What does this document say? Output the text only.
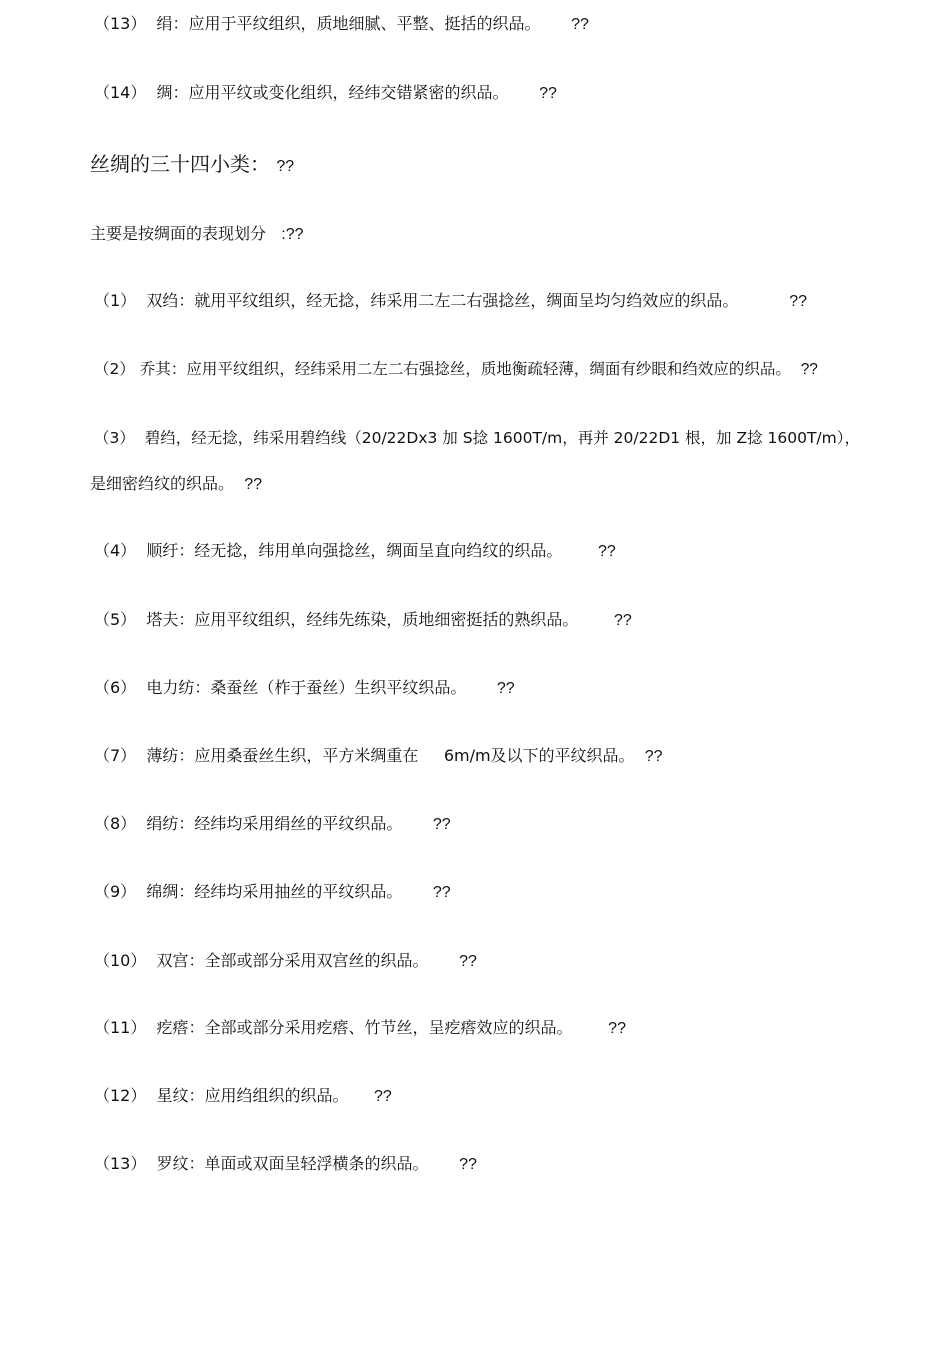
（13） 绢：应用于平纹组织，质地细腻、平整、挺括的织品。 ??
（14） 绸：应用平纹或变化组织，经纬交错紧密的织品。 ??
丝绸的三十四小类： ??
主要是按绸面的表现划分 :??
（1） 双绉：就用平纹组织，经无捻，纬采用二左二右强捻丝，绸面呈均匀绉效应的织品。	??
（2） 乔其：应用平纹组织，经纬采用二左二右强捻丝，质地衡疏轻薄，绸面有纱眼和绉效应的织品。 ??
（3） 碧绉，经无捻，纬采用碧绉线（20/22Dx3 加 S捻 1600T/m，再并 20/22D1 根，加 Z捻 1600T/m），
是细密绉纹的织品。 ??
（4） 顺纡：经无捻，纬用单向强捻丝，绸面呈直向绉纹的织品。 ??
（5） 塔夫：应用平纹组织，经纬先练染，质地细密挺括的熟织品。 ??
（6） 电力纺：桑蚕丝（柞于蚕丝）生织平纹织品。 ??
（7） 薄纺：应用桑蚕丝生织，平方米绸重在 6m/m及以下的平纹织品。 ??
（8） 绢纺：经纬均采用绢丝的平纹织品。 ??
（9） 绵绸：经纬均采用抽丝的平纹织品。 ??
（10） 双宫：全部或部分采用双宫丝的织品。 ??
（11） 疙瘩：全部或部分采用疙瘩、竹节丝，呈疙瘩效应的织品。 ??
（12） 星纹：应用绉组织的织品。 ??
（13） 罗纹：单面或双面呈轻浮横条的织品。 ??
